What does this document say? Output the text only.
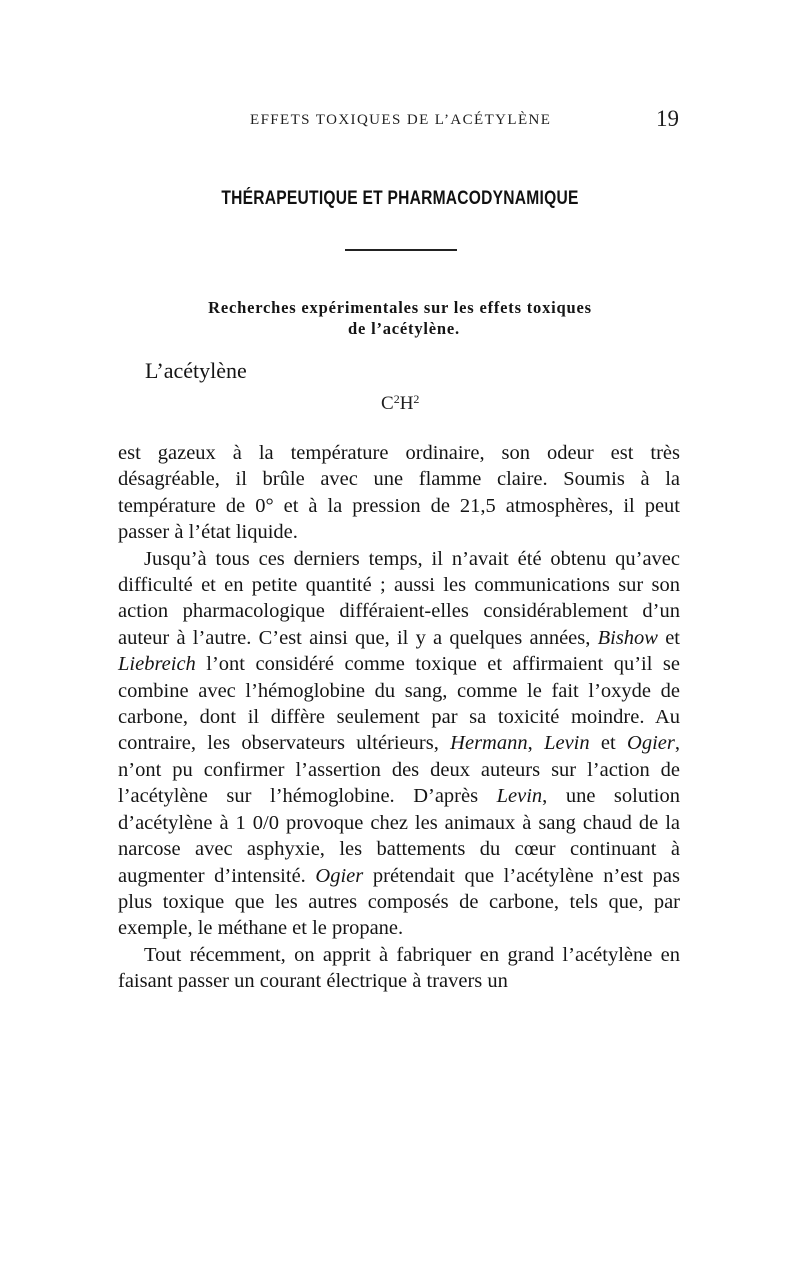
EFFETS TOXIQUES DE L’ACÉTYLÈNE	19
THÉRAPEUTIQUE ET PHARMACODYNAMIQUE
Recherches expérimentales sur les effets toxiques
de l’acétylène.
L’acétylène
$C^2H^2$

est gazeux à la température ordinaire, son odeur est très désagréable, il brûle avec une flamme claire. Soumis à la température de 0° et à la pression de 21,5 atmosphères, il peut passer à l’état liquide.

Jusqu’à tous ces derniers temps, il n’avait été obtenu qu’avec difficulté et en petite quantité ; aussi les communications sur son action pharmacologique différaient-elles considérablement d’un auteur à l’autre. C’est ainsi que, il y a quelques années, Bishow et Liebreich l’ont considéré comme toxique et affirmaient qu’il se combine avec l’hémoglobine du sang, comme le fait l’oxyde de carbone, dont il diffère seulement par sa toxicité moindre. Au contraire, les observateurs ultérieurs, Hermann, Levin et Ogier, n’ont pu confirmer l’assertion des deux auteurs sur l’action de l’acétylène sur l’hémoglobine. D’après Levin, une solution d’acétylène à 1 0/0 provoque chez les animaux à sang chaud de la narcose avec asphyxie, les battements du cœur continuant à augmenter d’intensité. Ogier prétendait que l’acétylène n’est pas plus toxique que les autres composés de carbone, tels que, par exemple, le méthane et le propane.

Tout récemment, on apprit à fabriquer en grand l’acétylène en faisant passer un courant électrique à travers un
